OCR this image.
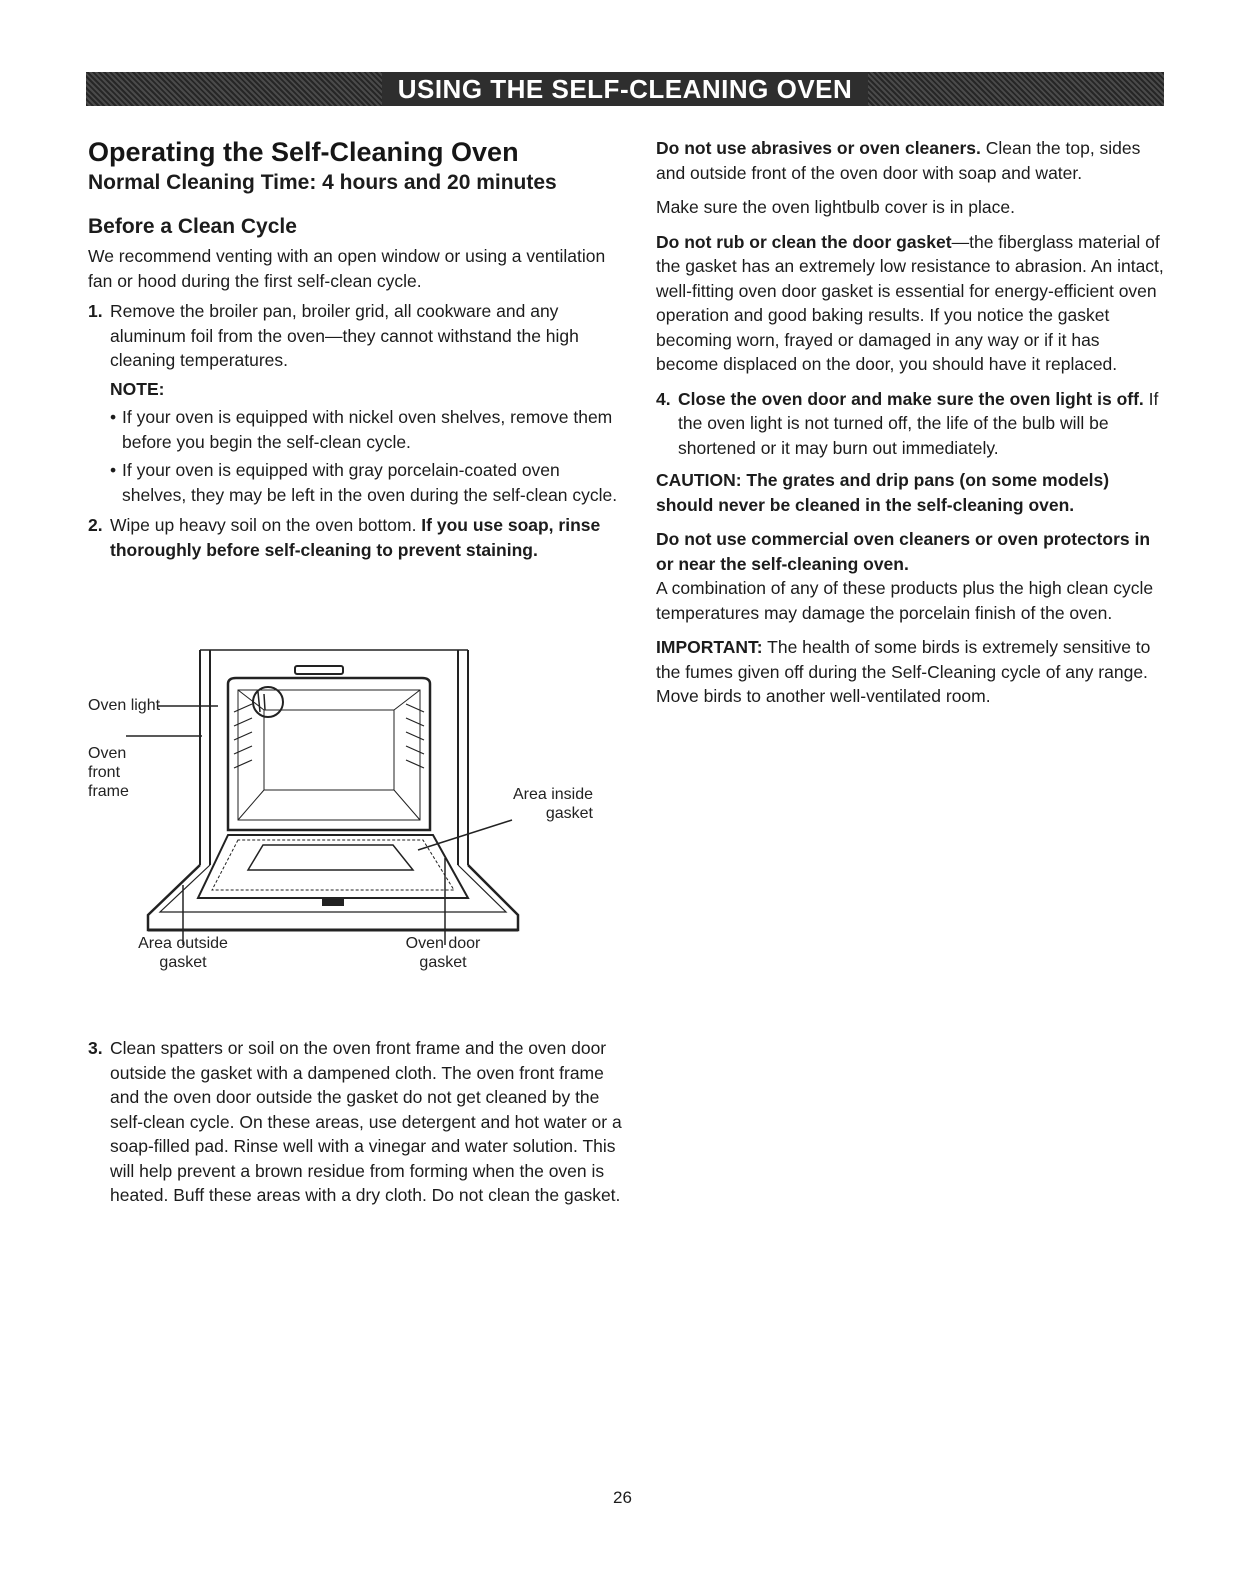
USING THE SELF-CLEANING OVEN
Operating the Self-Cleaning Oven
Normal Cleaning Time: 4 hours and 20 minutes
Before a Clean Cycle

We recommend venting with an open window or using a ventilation fan or hood during the first self-clean cycle.

1. Remove the broiler pan, broiler grid, all cookware and any aluminum foil from the oven—they cannot withstand the high cleaning temperatures.
NOTE:
• If your oven is equipped with nickel oven shelves, remove them before you begin the self-clean cycle.
• If your oven is equipped with gray porcelain-coated oven shelves, they may be left in the oven during the self-clean cycle.
2. Wipe up heavy soil on the oven bottom. If you use soap, rinse thoroughly before self-cleaning to prevent staining.
Oven light
Oven
front
frame	Area inside
gasket
Area outside
gasket
Oven door
gasket
3. Clean spatters or soil on the oven front frame and the oven door outside the gasket with a dampened cloth. The oven front frame and the oven door outside the gasket do not get cleaned by the self-clean cycle. On these areas, use detergent and hot water or a soap-filled pad. Rinse well with a vinegar and water solution. This will help prevent a brown residue from forming when the oven is heated. Buff these areas with a dry cloth. Do not clean the gasket.

Do not use abrasives or oven cleaners. Clean the top, sides and outside front of the oven door with soap and water.

Make sure the oven lightbulb cover is in place.

Do not rub or clean the door gasket—the fiberglass material of the gasket has an extremely low resistance to abrasion. An intact, well-fitting oven door gasket is essential for energy-efficient oven operation and good baking results. If you notice the gasket becoming worn, frayed or damaged in any way or if it has become displaced on the door, you should have it replaced.

4. Close the oven door and make sure the oven light is off. If the oven light is not turned off, the life of the bulb will be shortened or it may burn out immediately.

CAUTION: The grates and drip pans (on some models) should never be cleaned in the self-cleaning oven.

Do not use commercial oven cleaners or oven protectors in or near the self-cleaning oven.
A combination of any of these products plus the high clean cycle temperatures may damage the porcelain finish of the oven.

IMPORTANT: The health of some birds is extremely sensitive to the fumes given off during the Self-Cleaning cycle of any range. Move birds to another well-ventilated room.

26
